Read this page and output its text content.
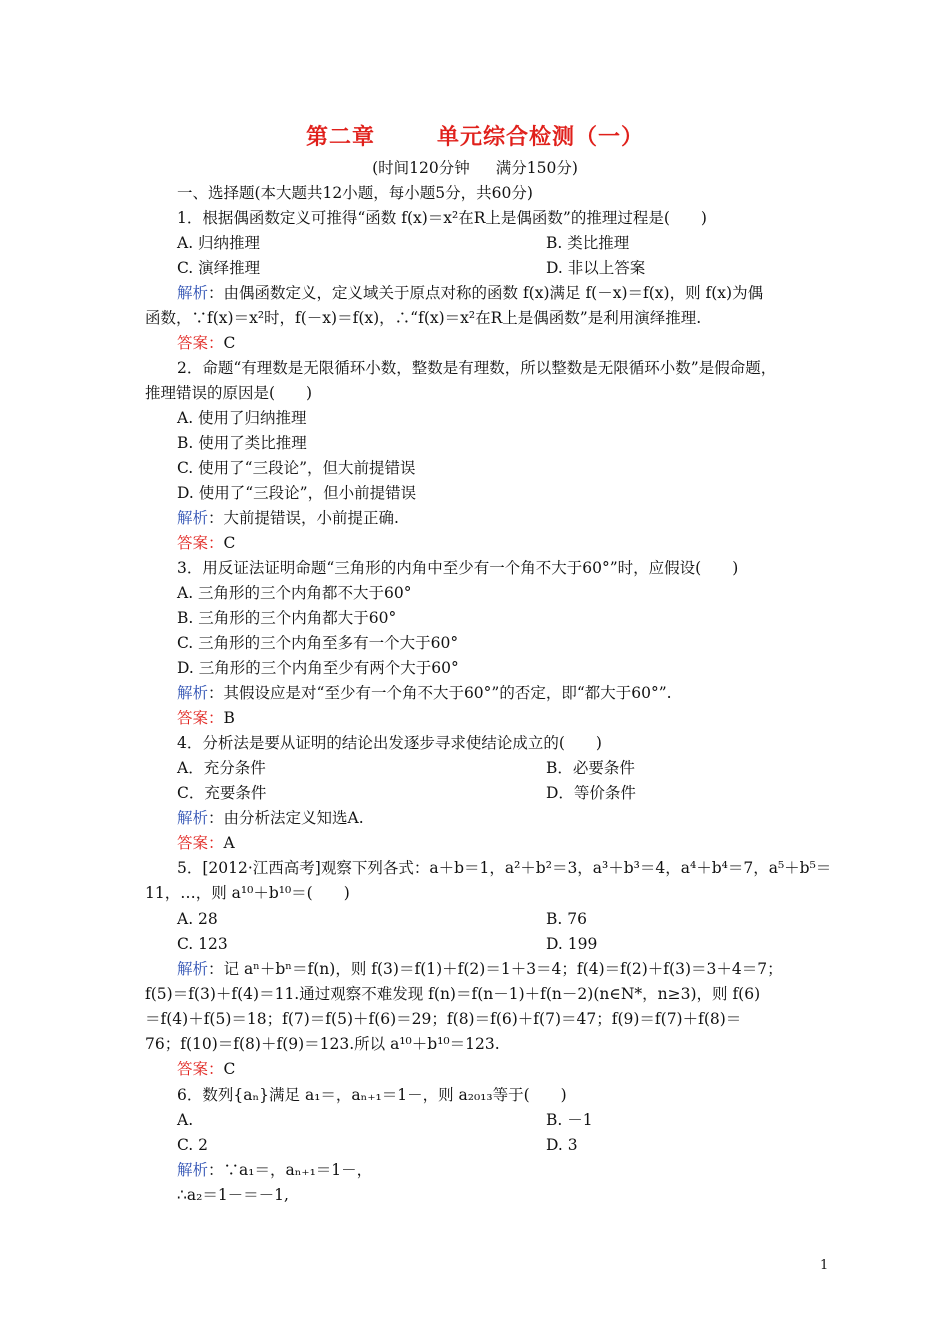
第二章	单元综合检测（一）
(时间120分钟 满分150分)
一、选择题(本大题共12小题，每小题5分，共60分)
1．根据偶函数定义可推得“函数 f(x)＝x²在R上是偶函数”的推理过程是(　　)
A. 归纳推理	B. 类比推理
C. 演绎推理	D. 非以上答案
解析：由偶函数定义，定义域关于原点对称的函数 f(x)满足 f(－x)＝f(x)，则 f(x)为偶
函数，∵f(x)＝x²时，f(－x)＝f(x)，∴“f(x)＝x²在R上是偶函数”是利用演绎推理.
答案：C
2．命题“有理数是无限循环小数，整数是有理数，所以整数是无限循环小数”是假命题，
推理错误的原因是(　　)
A. 使用了归纳推理
B. 使用了类比推理
C. 使用了“三段论”，但大前提错误
D. 使用了“三段论”，但小前提错误
解析：大前提错误，小前提正确.
答案：C
3．用反证法证明命题“三角形的内角中至少有一个角不大于60°”时，应假设(　　)
A. 三角形的三个内角都不大于60°
B. 三角形的三个内角都大于60°
C. 三角形的三个内角至多有一个大于60°
D. 三角形的三个内角至少有两个大于60°
解析：其假设应是对“至少有一个角不大于60°”的否定，即“都大于60°”.
答案：B
4．分析法是要从证明的结论出发逐步寻求使结论成立的(　　)
A．充分条件	B．必要条件
C．充要条件	D．等价条件
解析：由分析法定义知选A.
答案：A
5．[2012·江西高考]观察下列各式：a＋b＝1，a²＋b²＝3，a³＋b³＝4，a⁴＋b⁴＝7，a⁵＋b⁵＝
11，…，则 a¹⁰＋b¹⁰＝(　　)
A. 28	B. 76
C. 123	D. 199
解析：记 aⁿ＋bⁿ＝f(n)，则 f(3)＝f(1)＋f(2)＝1＋3＝4；f(4)＝f(2)＋f(3)＝3＋4＝7；
f(5)＝f(3)＋f(4)＝11.通过观察不难发现 f(n)＝f(n－1)＋f(n－2)(n∈N*，n≥3)，则 f(6)
＝f(4)＋f(5)＝18；f(7)＝f(5)＋f(6)＝29；f(8)＝f(6)＋f(7)＝47；f(9)＝f(7)＋f(8)＝
76；f(10)＝f(8)＋f(9)＝123.所以 a¹⁰＋b¹⁰＝123.
答案：C
6．数列{aₙ}满足 a₁＝，aₙ₊₁＝1－，则 a₂₀₁₃等于(　　)
A.	B. －1
C. 2	D. 3
解析：∵a₁＝，aₙ₊₁＝1－，
∴a₂＝1－＝－1,
1
